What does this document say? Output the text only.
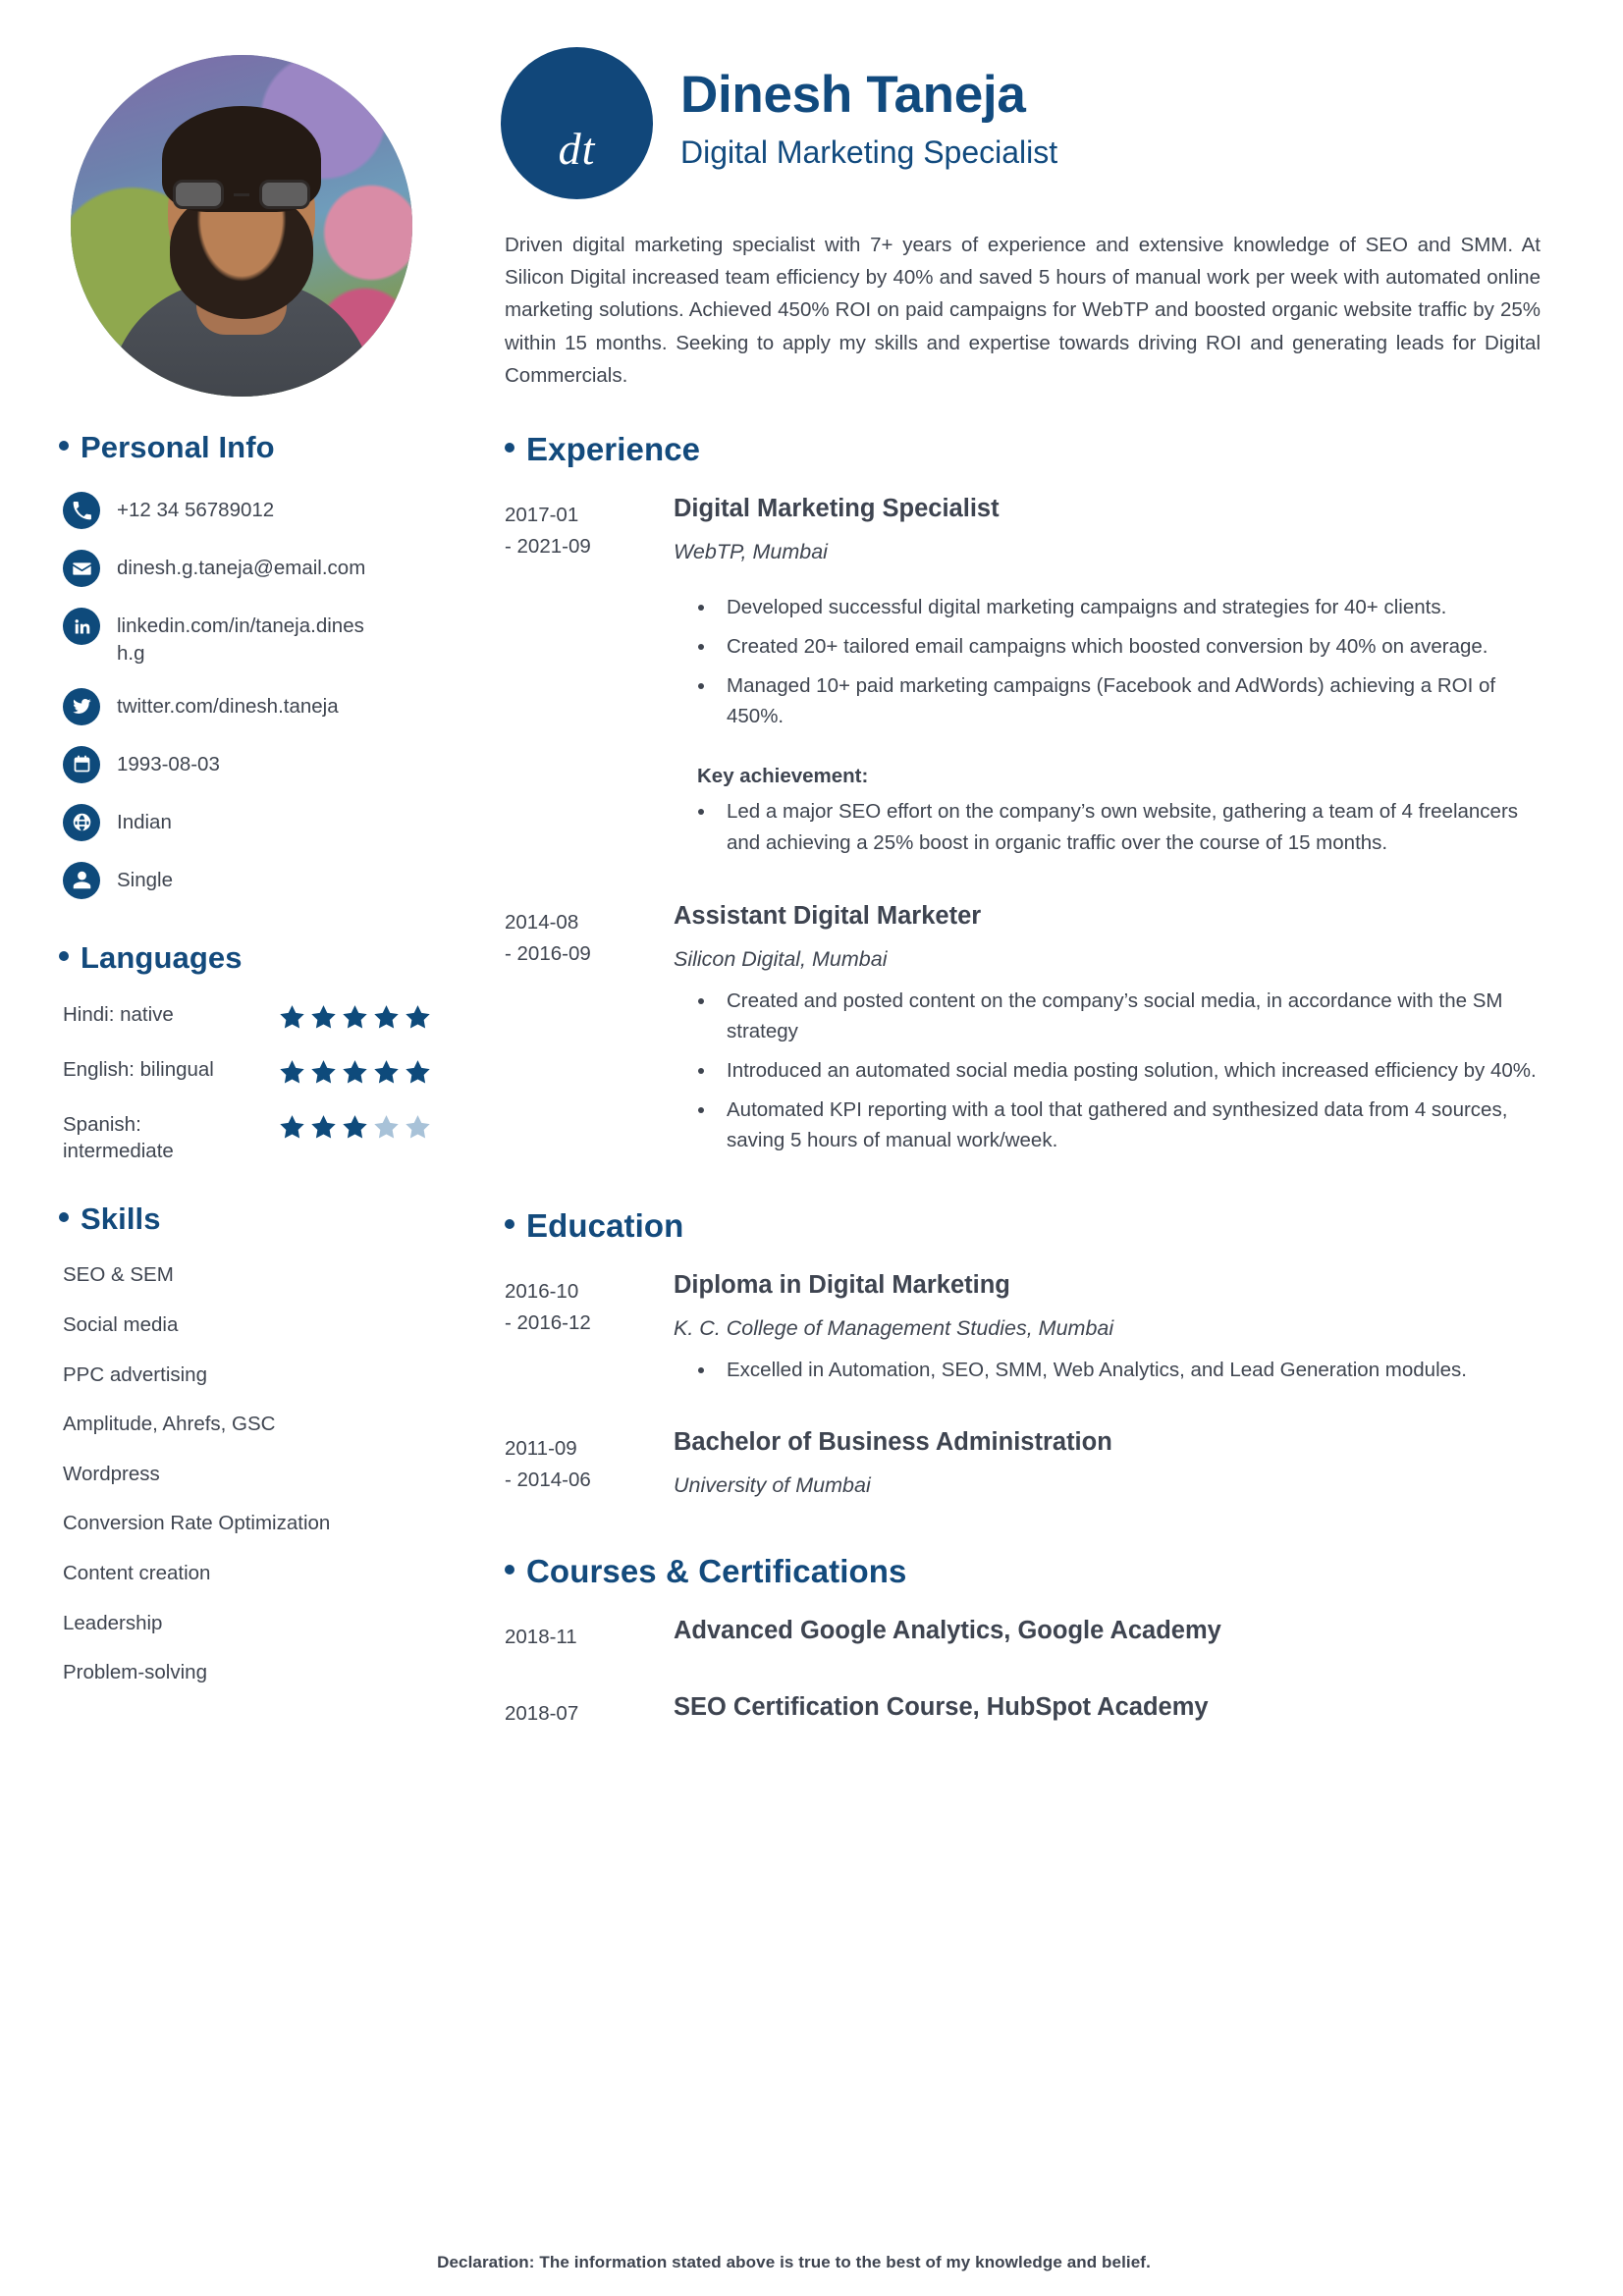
Personal Info
+12 34 56789012
dinesh.g.taneja@email.com
linkedin.com/in/taneja.dinesh.g
twitter.com/dinesh.taneja
1993-08-03
Indian
Single
Languages
Hindi: native
English: bilingual
Spanish: intermediate
Skills
SEO & SEM
Social media
PPC advertising
Amplitude, Ahrefs, GSC
Wordpress
Conversion Rate Optimization
Content creation
Leadership
Problem-solving
dt
Dinesh Taneja
Digital Marketing Specialist

Driven digital marketing specialist with 7+ years of experience and extensive knowledge of SEO and SMM. At Silicon Digital increased team efficiency by 40% and saved 5 hours of manual work per week with automated online marketing solutions. Achieved 450% ROI on paid campaigns for WebTP and boosted organic website traffic by 25% within 15 months. Seeking to apply my skills and expertise towards driving ROI and generating leads for Digital Commercials.

Experience
2017-01
- 2021-09
Digital Marketing Specialist
WebTP, Mumbai
• Developed successful digital marketing campaigns and strategies for 40+ clients.
• Created 20+ tailored email campaigns which boosted conversion by 40% on average.
• Managed 10+ paid marketing campaigns (Facebook and AdWords) achieving a ROI of 450%.
Key achievement:
• Led a major SEO effort on the company’s own website, gathering a team of 4 freelancers and achieving a 25% boost in organic traffic over the course of 15 months.
2014-08
- 2016-09
Assistant Digital Marketer
Silicon Digital, Mumbai
• Created and posted content on the company’s social media, in accordance with the SM strategy
• Introduced an automated social media posting solution, which increased efficiency by 40%.
• Automated KPI reporting with a tool that gathered and synthesized data from 4 sources, saving 5 hours of manual work/week.
Education
2016-10
- 2016-12
Diploma in Digital Marketing
K. C. College of Management Studies, Mumbai
• Excelled in Automation, SEO, SMM, Web Analytics, and Lead Generation modules.
2011-09
- 2014-06
Bachelor of Business Administration
University of Mumbai
Courses & Certifications
2018-11	Advanced Google Analytics, Google Academy
2018-07	SEO Certification Course, HubSpot Academy
Declaration: The information stated above is true to the best of my knowledge and belief.
